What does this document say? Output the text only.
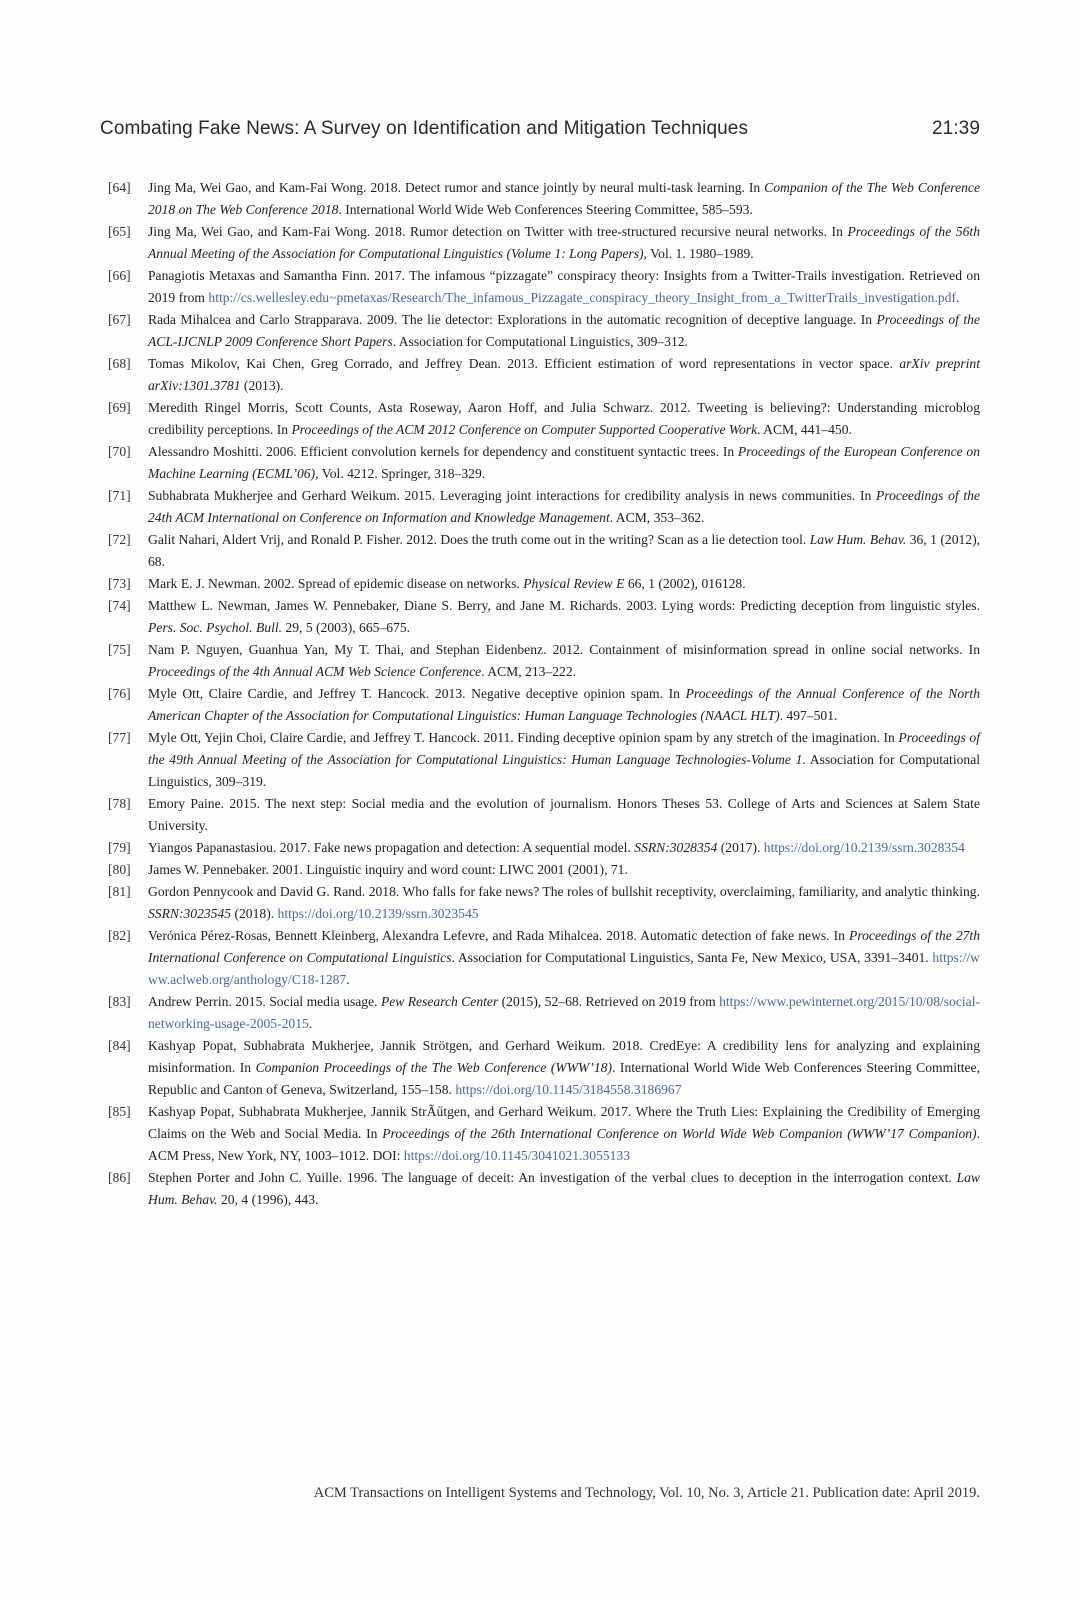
Combating Fake News: A Survey on Identification and Mitigation Techniques	21:39
[64]	Jing Ma, Wei Gao, and Kam-Fai Wong. 2018. Detect rumor and stance jointly by neural multi-task learning. In Companion of the The Web Conference 2018 on The Web Conference 2018. International World Wide Web Conferences Steering Committee, 585–593.
[65]	Jing Ma, Wei Gao, and Kam-Fai Wong. 2018. Rumor detection on Twitter with tree-structured recursive neural networks. In Proceedings of the 56th Annual Meeting of the Association for Computational Linguistics (Volume 1: Long Papers), Vol. 1. 1980–1989.
[66]	Panagiotis Metaxas and Samantha Finn. 2017. The infamous “pizzagate” conspiracy theory: Insights from a Twitter-Trails investigation. Retrieved on 2019 from http://cs.wellesley.edu~pmetaxas/Research/The_infamous_Pizzagate_conspiracy_theory_Insight_from_a_TwitterTrails_investigation.pdf.
[67]	Rada Mihalcea and Carlo Strapparava. 2009. The lie detector: Explorations in the automatic recognition of deceptive language. In Proceedings of the ACL-IJCNLP 2009 Conference Short Papers. Association for Computational Linguistics, 309–312.
[68]	Tomas Mikolov, Kai Chen, Greg Corrado, and Jeffrey Dean. 2013. Efficient estimation of word representations in vector space. arXiv preprint arXiv:1301.3781 (2013).
[69]	Meredith Ringel Morris, Scott Counts, Asta Roseway, Aaron Hoff, and Julia Schwarz. 2012. Tweeting is believing?: Understanding microblog credibility perceptions. In Proceedings of the ACM 2012 Conference on Computer Supported Cooperative Work. ACM, 441–450.
[70]	Alessandro Moshitti. 2006. Efficient convolution kernels for dependency and constituent syntactic trees. In Proceedings of the European Conference on Machine Learning (ECML’06), Vol. 4212. Springer, 318–329.
[71]	Subhabrata Mukherjee and Gerhard Weikum. 2015. Leveraging joint interactions for credibility analysis in news communities. In Proceedings of the 24th ACM International on Conference on Information and Knowledge Management. ACM, 353–362.
[72]	Galit Nahari, Aldert Vrij, and Ronald P. Fisher. 2012. Does the truth come out in the writing? Scan as a lie detection tool. Law Hum. Behav. 36, 1 (2012), 68.
[73]	Mark E. J. Newman. 2002. Spread of epidemic disease on networks. Physical Review E 66, 1 (2002), 016128.
[74]	Matthew L. Newman, James W. Pennebaker, Diane S. Berry, and Jane M. Richards. 2003. Lying words: Predicting deception from linguistic styles. Pers. Soc. Psychol. Bull. 29, 5 (2003), 665–675.
[75]	Nam P. Nguyen, Guanhua Yan, My T. Thai, and Stephan Eidenbenz. 2012. Containment of misinformation spread in online social networks. In Proceedings of the 4th Annual ACM Web Science Conference. ACM, 213–222.
[76]	Myle Ott, Claire Cardie, and Jeffrey T. Hancock. 2013. Negative deceptive opinion spam. In Proceedings of the Annual Conference of the North American Chapter of the Association for Computational Linguistics: Human Language Technologies (NAACL HLT). 497–501.
[77]	Myle Ott, Yejin Choi, Claire Cardie, and Jeffrey T. Hancock. 2011. Finding deceptive opinion spam by any stretch of the imagination. In Proceedings of the 49th Annual Meeting of the Association for Computational Linguistics: Human Language Technologies-Volume 1. Association for Computational Linguistics, 309–319.
[78]	Emory Paine. 2015. The next step: Social media and the evolution of journalism. Honors Theses 53. College of Arts and Sciences at Salem State University.
[79]	Yiangos Papanastasiou. 2017. Fake news propagation and detection: A sequential model. SSRN:3028354 (2017). https://doi.org/10.2139/ssrn.3028354
[80]	James W. Pennebaker. 2001. Linguistic inquiry and word count: LIWC 2001 (2001), 71.
[81]	Gordon Pennycook and David G. Rand. 2018. Who falls for fake news? The roles of bullshit receptivity, overclaiming, familiarity, and analytic thinking. SSRN:3023545 (2018). https://doi.org/10.2139/ssrn.3023545
[82]	Verónica Pérez-Rosas, Bennett Kleinberg, Alexandra Lefevre, and Rada Mihalcea. 2018. Automatic detection of fake news. In Proceedings of the 27th International Conference on Computational Linguistics. Association for Computational Linguistics, Santa Fe, New Mexico, USA, 3391–3401. https://www.aclweb.org/anthology/C18-1287.
[83]	Andrew Perrin. 2015. Social media usage. Pew Research Center (2015), 52–68. Retrieved on 2019 from https://www.pewinternet.org/2015/10/08/social-networking-usage-2005-2015.
[84]	Kashyap Popat, Subhabrata Mukherjee, Jannik Strötgen, and Gerhard Weikum. 2018. CredEye: A credibility lens for analyzing and explaining misinformation. In Companion Proceedings of the The Web Conference (WWW’18). International World Wide Web Conferences Steering Committee, Republic and Canton of Geneva, Switzerland, 155–158. https://doi.org/10.1145/3184558.3186967
[85]	Kashyap Popat, Subhabrata Mukherjee, Jannik StrÃűtgen, and Gerhard Weikum. 2017. Where the Truth Lies: Explaining the Credibility of Emerging Claims on the Web and Social Media. In Proceedings of the 26th International Conference on World Wide Web Companion (WWW’17 Companion). ACM Press, New York, NY, 1003–1012. DOI: https://doi.org/10.1145/3041021.3055133
[86]	Stephen Porter and John C. Yuille. 1996. The language of deceit: An investigation of the verbal clues to deception in the interrogation context. Law Hum. Behav. 20, 4 (1996), 443.
ACM Transactions on Intelligent Systems and Technology, Vol. 10, No. 3, Article 21. Publication date: April 2019.
